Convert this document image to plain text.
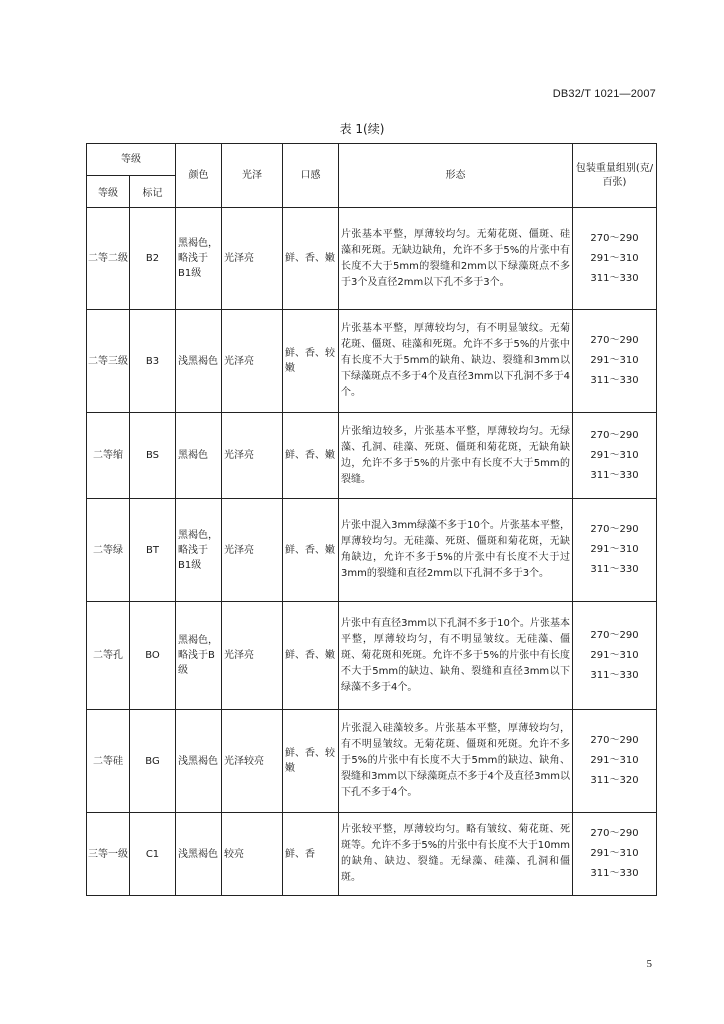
DB32/T 1021—2007
表 1(续)
等级		颜色	光泽	口感	形态	包装重量组别(克/百张)
等级	标记					
二等二级	B2	黑褐色，略浅于B1级	光泽亮	鲜、香、嫩	片张基本平整，厚薄较均匀。无菊花斑、僵斑、硅藻和死斑。无缺边缺角，允许不多于5%的片张中有长度不大于5mm的裂缝和2mm以下绿藻斑点不多于3个及直径2mm以下孔不多于3个。	270～290
291～310
311～330

二等三级	B3	浅黑褐色	光泽亮	鲜、香、较嫩	片张基本平整，厚薄较均匀，有不明显皱纹。无菊花斑、僵斑、硅藻和死斑。允许不多于5%的片张中有长度不大于5mm的缺角、缺边、裂缝和3mm以下绿藻斑点不多于4个及直径3mm以下孔洞不多于4个。	270～290
291～310
311～330

二等缩	BS	黑褐色	光泽亮	鲜、香、嫩	片张缩边较多，片张基本平整，厚薄较均匀。无绿藻、孔洞、硅藻、死斑、僵斑和菊花斑，无缺角缺边，允许不多于5%的片张中有长度不大于5mm的裂缝。	270～290
291～310
311～330

二等绿	BT	黑褐色，略浅于B1级	光泽亮	鲜、香、嫩	片张中混入3mm绿藻不多于10个。片张基本平整，厚薄较均匀。无硅藻、死斑、僵斑和菊花斑，无缺角缺边，允许不多于5%的片张中有长度不大于过3mm的裂缝和直径2mm以下孔洞不多于3个。	270～290
291～310
311～330

二等孔	BO	黑褐色，略浅于B级	光泽亮	鲜、香、嫩	片张中有直径3mm以下孔洞不多于10个。片张基本平整，厚薄较均匀，有不明显皱纹。无硅藻、僵斑、菊花斑和死斑。允许不多于5%的片张中有长度不大于5mm的缺边、缺角、裂缝和直径3mm以下绿藻不多于4个。	270～290
291～310
311～330

二等硅	BG	浅黑褐色	光泽较亮	鲜、香、较嫩	片张混入硅藻较多。片张基本平整，厚薄较均匀，有不明显皱纹。无菊花斑、僵斑和死斑。允许不多于5%的片张中有长度不大于5mm的缺边、缺角、裂缝和3mm以下绿藻斑点不多于4个及直径3mm以下孔不多于4个。	270～290
291～310
311～320

三等一级	C1	浅黑褐色	较亮	鲜、香	片张较平整，厚薄较均匀。略有皱纹、菊花斑、死斑等。允许不多于5%的片张中有长度不大于10mm的缺角、缺边、裂缝。无绿藻、硅藻、孔洞和僵斑。	270～290
291～310
311～330
5
